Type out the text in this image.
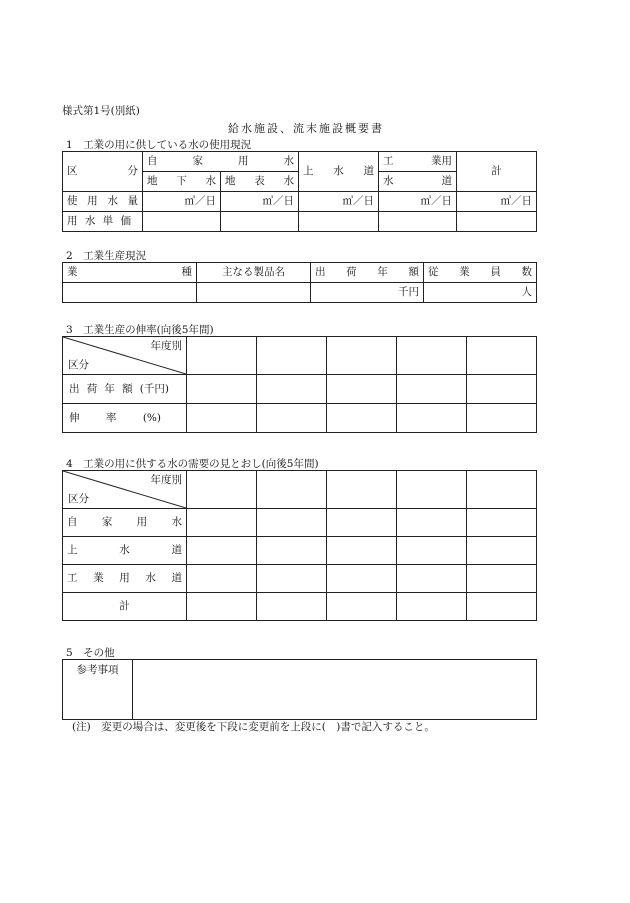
様式第1号(別紙)
給水施設、流末施設概要書
1　工業の用に供している水の使用現況
区 分	自 家 用 水		上 水 道	工 業用	計

	地 下 水	地 表 水		水 道	

使 用 水 量	㎥／日	㎥／日	㎥／日	㎥／日	㎥／日

用 水 単 価					

2　工業生産現況
業 種	主なる製品名	出 荷 年 額	従 業 員 数

		千円	人
3　工業生産の伸率(向後5年間)
年度別
区分					

出 荷 年 額 (千円)					

伸 率 (%)					

4　工業の用に供する水の需要の見とおし(向後5年間)
年度別
区分					

自 家 用 水					

上 水 道					

工 業 用 水 道					

計					
5　その他
参考事項	
(注)　変更の場合は、変更後を下段に変更前を上段に(　)書で記入すること。
